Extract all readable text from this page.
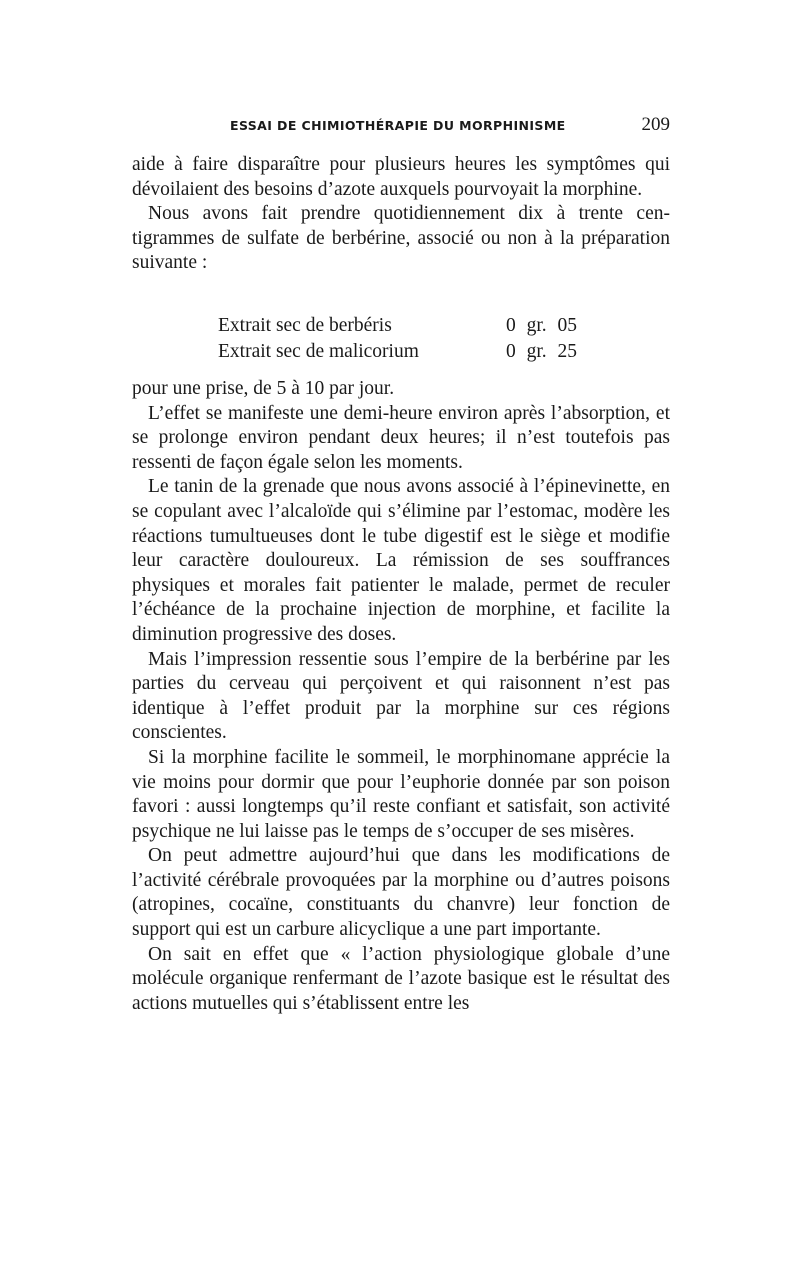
ESSAI DE CHIMIOTHÉRAPIE DU MORPHINISME	209

aide à faire disparaître pour plusieurs heures les symptômes qui dévoilaient des besoins d’azote auxquels pourvoyait la morphine.

Nous avons fait prendre quotidiennement dix à trente centigrammes de sulfate de berbérine, associé ou non à la préparation suivante :

Extrait sec de berbéris	0 gr. 05
Extrait sec de malicorium	0 gr. 25

pour une prise, de 5 à 10 par jour.

L’effet se manifeste une demi-heure environ après l’absorption, et se prolonge environ pendant deux heures; il n’est toutefois pas ressenti de façon égale selon les moments.

Le tanin de la grenade que nous avons associé à l’épinevinette, en se copulant avec l’alcaloïde qui s’élimine par l’estomac, modère les réactions tumultueuses dont le tube digestif est le siège et modifie leur caractère douloureux. La rémission de ses souffrances physiques et morales fait patienter le malade, permet de reculer l’échéance de la prochaine injection de morphine, et facilite la diminution progressive des doses.

Mais l’impression ressentie sous l’empire de la berbérine par les parties du cerveau qui perçoivent et qui raisonnent n’est pas identique à l’effet produit par la morphine sur ces régions conscientes.

Si la morphine facilite le sommeil, le morphinomane apprécie la vie moins pour dormir que pour l’euphorie donnée par son poison favori : aussi longtemps qu’il reste confiant et satisfait, son activité psychique ne lui laisse pas le temps de s’occuper de ses misères.

On peut admettre aujourd’hui que dans les modifications de l’activité cérébrale provoquées par la morphine ou d’autres poisons (atropines, cocaïne, constituants du chanvre) leur fonction de support qui est un carbure alicyclique a une part importante.

On sait en effet que « l’action physiologique globale d’une molécule organique renfermant de l’azote basique est le résultat des actions mutuelles qui s’établissent entre les
